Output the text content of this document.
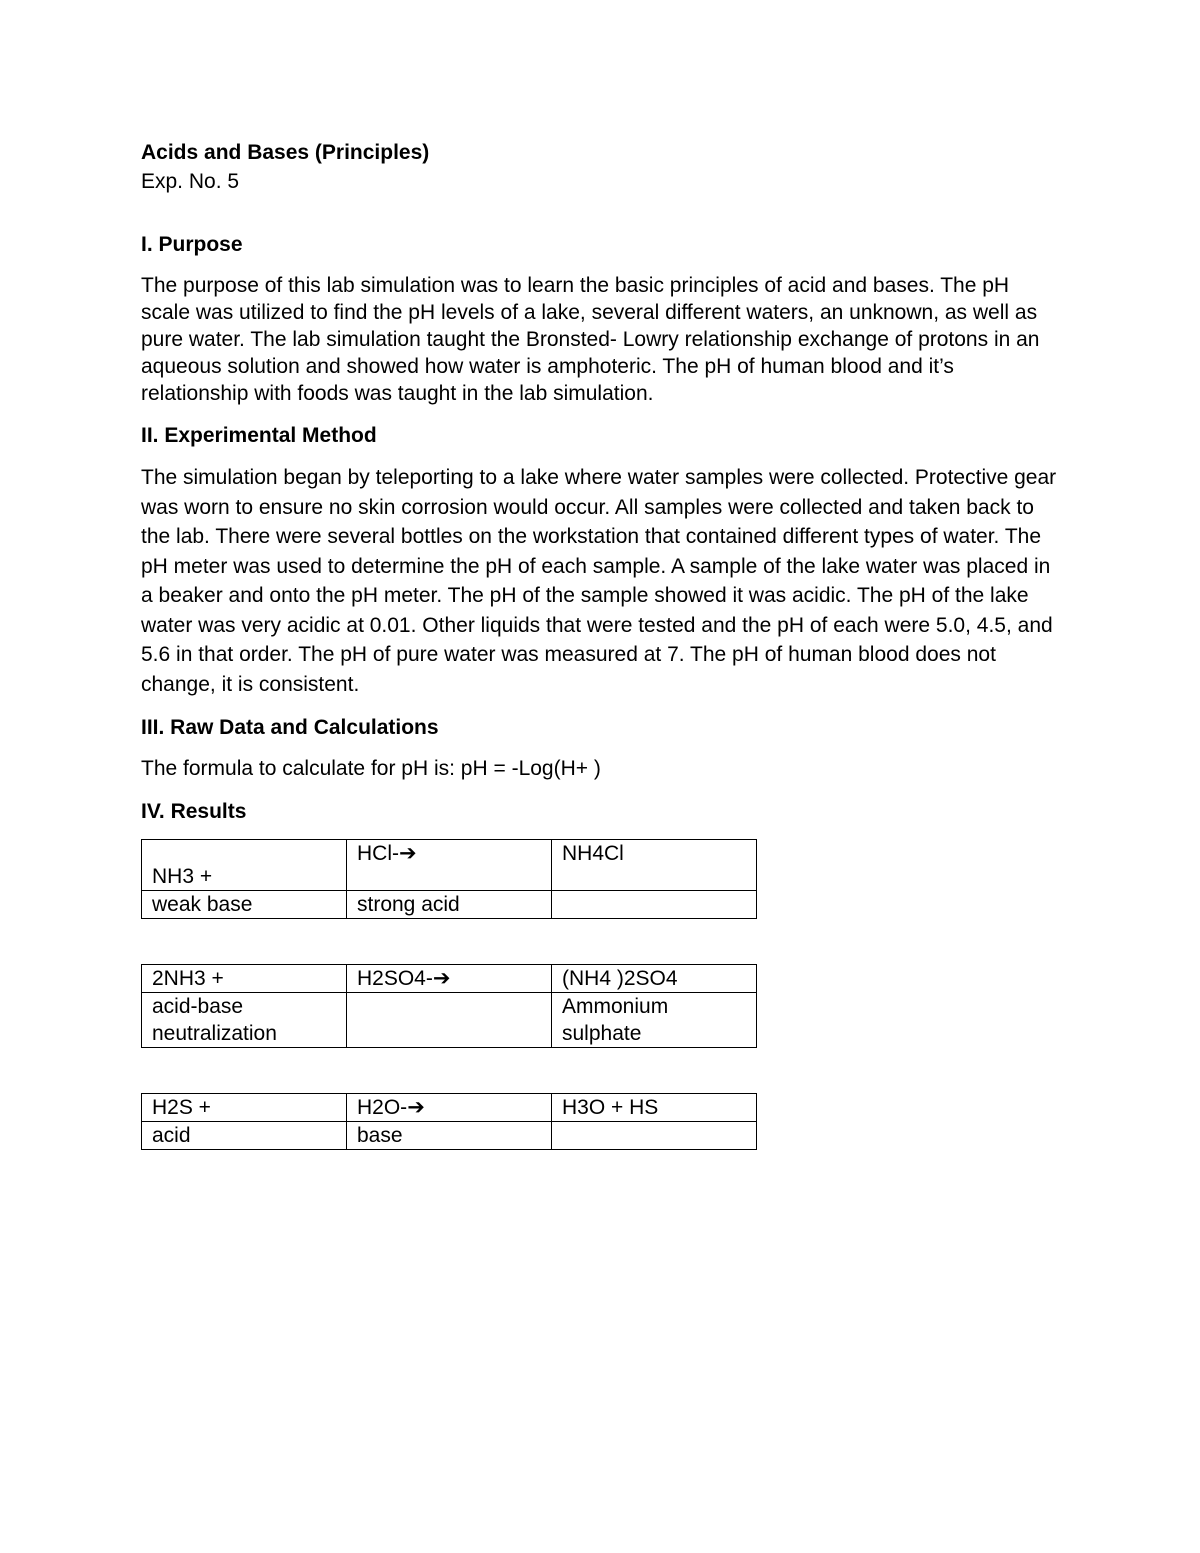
Acids and Bases (Principles)
Exp. No. 5
I. Purpose

The purpose of this lab simulation was to learn the basic principles of acid and bases. The pH scale was utilized to find the pH levels of a lake, several different waters, an unknown, as well as pure water. The lab simulation taught the Bronsted- Lowry relationship exchange of protons in an aqueous solution and showed how water is amphoteric. The pH of human blood and it’s relationship with foods was taught in the lab simulation.

II. Experimental Method

The simulation began by teleporting to a lake where water samples were collected. Protective gear was worn to ensure no skin corrosion would occur. All samples were collected and taken back to the lab. There were several bottles on the workstation that contained different types of water. The pH meter was used to determine the pH of each sample. A sample of the lake water was placed in a beaker and onto the pH meter. The pH of the sample showed it was acidic. The pH of the lake water was very acidic at 0.01. Other liquids that were tested and the pH of each were 5.0, 4.5, and 5.6 in that order. The pH of pure water was measured at 7. The pH of human blood does not change, it is consistent.

III. Raw Data and Calculations

The formula to calculate for pH is: pH = -Log(H+ )

IV. Results
NH3 +	HCl-➔	NH4Cl
weak base	strong acid	
2NH3 +	H2SO4-➔	(NH4 )2SO4
acid-base neutralization		Ammonium sulphate
H2S +	H2O-➔	H3O + HS
acid	base	
